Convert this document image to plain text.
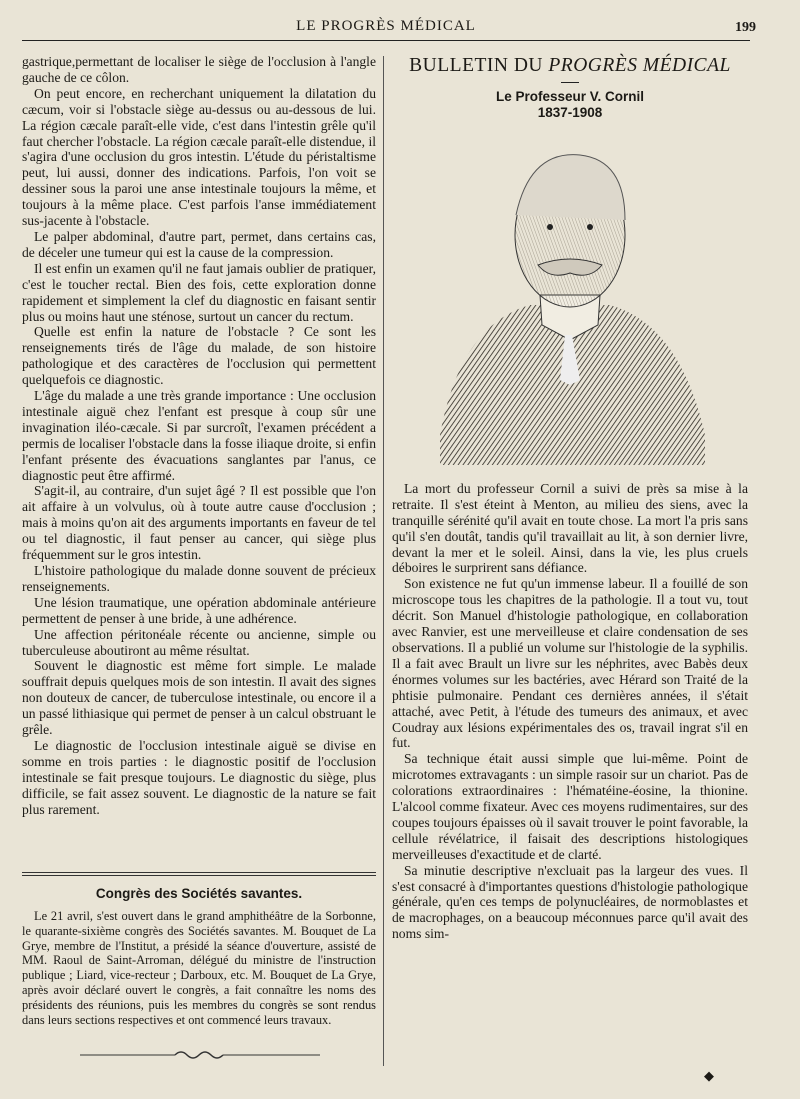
LE PROGRÈS MÉDICAL	199

gastrique,permettant de localiser le siège de l'occlusion à l'angle gauche de ce côlon.

On peut encore, en recherchant uniquement la dilatation du cæcum, voir si l'obstacle siège au-dessus ou au-dessous de lui. La région cæcale paraît-elle vide, c'est dans l'intestin grêle qu'il faut chercher l'obstacle. La région cæcale paraît-elle distendue, il s'agira d'une occlusion du gros intestin. L'étude du péristaltisme peut, lui aussi, donner des indications. Parfois, l'on voit se dessiner sous la paroi une anse intestinale toujours la même, et toujours à la même place. C'est parfois l'anse immédiatement sus-jacente à l'obstacle.

Le palper abdominal, d'autre part, permet, dans certains cas, de déceler une tumeur qui est la cause de la compression.

Il est enfin un examen qu'il ne faut jamais oublier de pratiquer, c'est le toucher rectal. Bien des fois, cette exploration donne rapidement et simplement la clef du diagnostic en faisant sentir plus ou moins haut une sténose, surtout un cancer du rectum.

Quelle est enfin la nature de l'obstacle ? Ce sont les renseignements tirés de l'âge du malade, de son histoire pathologique et des caractères de l'occlusion qui permettent quelquefois ce diagnostic.

L'âge du malade a une très grande importance : Une occlusion intestinale aiguë chez l'enfant est presque à coup sûr une invagination iléo-cæcale. Si par surcroît, l'examen précédent a permis de localiser l'obstacle dans la fosse iliaque droite, si enfin l'enfant présente des évacuations sanglantes par l'anus, ce diagnostic peut être affirmé.

S'agit-il, au contraire, d'un sujet âgé ? Il est possible que l'on ait affaire à un volvulus, où à toute autre cause d'occlusion ; mais à moins qu'on ait des arguments importants en faveur de tel ou tel diagnostic, il faut penser au cancer, qui siège plus fréquemment sur le gros intestin.

L'histoire pathologique du malade donne souvent de précieux renseignements.

Une lésion traumatique, une opération abdominale antérieure permettent de penser à une bride, à une adhérence.

Une affection péritonéale récente ou ancienne, simple ou tuberculeuse aboutiront au même résultat.

Souvent le diagnostic est même fort simple. Le malade souffrait depuis quelques mois de son intestin. Il avait des signes non douteux de cancer, de tuberculose intestinale, ou encore il a un passé lithiasique qui permet de penser à un calcul obstruant le grêle.

Le diagnostic de l'occlusion intestinale aiguë se divise en somme en trois parties : le diagnostic positif de l'occlusion intestinale se fait presque toujours. Le diagnostic du siège, plus difficile, se fait assez souvent. Le diagnostic de la nature se fait plus rarement.

Congrès des Sociétés savantes.

Le 21 avril, s'est ouvert dans le grand amphithéâtre de la Sorbonne, le quarante-sixième congrès des Sociétés savantes. M. Bouquet de La Grye, membre de l'Institut, a présidé la séance d'ouverture, assisté de MM. Raoul de Saint-Arroman, délégué du ministre de l'instruction publique ; Liard, vice-recteur ; Darboux, etc. M. Bouquet de La Grye, après avoir déclaré ouvert le congrès, a fait connaître les noms des présidents des réunions, puis les membres du congrès se sont rendus dans leurs sections respectives et ont commencé leurs travaux.

BULLETIN DU PROGRÈS MÉDICAL
Le Professeur V. Cornil
1837-1908

La mort du professeur Cornil a suivi de près sa mise à la retraite. Il s'est éteint à Menton, au milieu des siens, avec la tranquille sérénité qu'il avait en toute chose. La mort l'a pris sans qu'il s'en doutât, tandis qu'il travaillait au lit, à son dernier livre, devant la mer et le soleil. Ainsi, dans la vie, les plus cruels déboires le surprirent sans défiance.

Son existence ne fut qu'un immense labeur. Il a fouillé de son microscope tous les chapitres de la pathologie. Il a tout vu, tout décrit. Son Manuel d'histologie pathologique, en collaboration avec Ranvier, est une merveilleuse et claire condensation de ses observations. Il a publié un volume sur l'histologie de la syphilis. Il a fait avec Brault un livre sur les néphrites, avec Babès deux énormes volumes sur les bactéries, avec Hérard son Traité de la phtisie pulmonaire. Pendant ces dernières années, il s'était attaché, avec Petit, à l'étude des tumeurs des animaux, et avec Coudray aux lésions expérimentales des os, travail ingrat s'il en fut.

Sa technique était aussi simple que lui-même. Point de microtomes extravagants : un simple rasoir sur un chariot. Pas de colorations extraordinaires : l'hématéine-éosine, la thionine. L'alcool comme fixateur. Avec ces moyens rudimentaires, sur des coupes toujours épaisses où il savait trouver le point favorable, la cellule révélatrice, il faisait des descriptions histologiques merveilleuses d'exactitude et de clarté.

Sa minutie descriptive n'excluait pas la largeur des vues. Il s'est consacré à d'importantes questions d'histologie pathologique générale, qu'en ces temps de polynucléaires, de normoblastes et de macrophages, on a beaucoup méconnues parce qu'il avait des noms sim-

◆
